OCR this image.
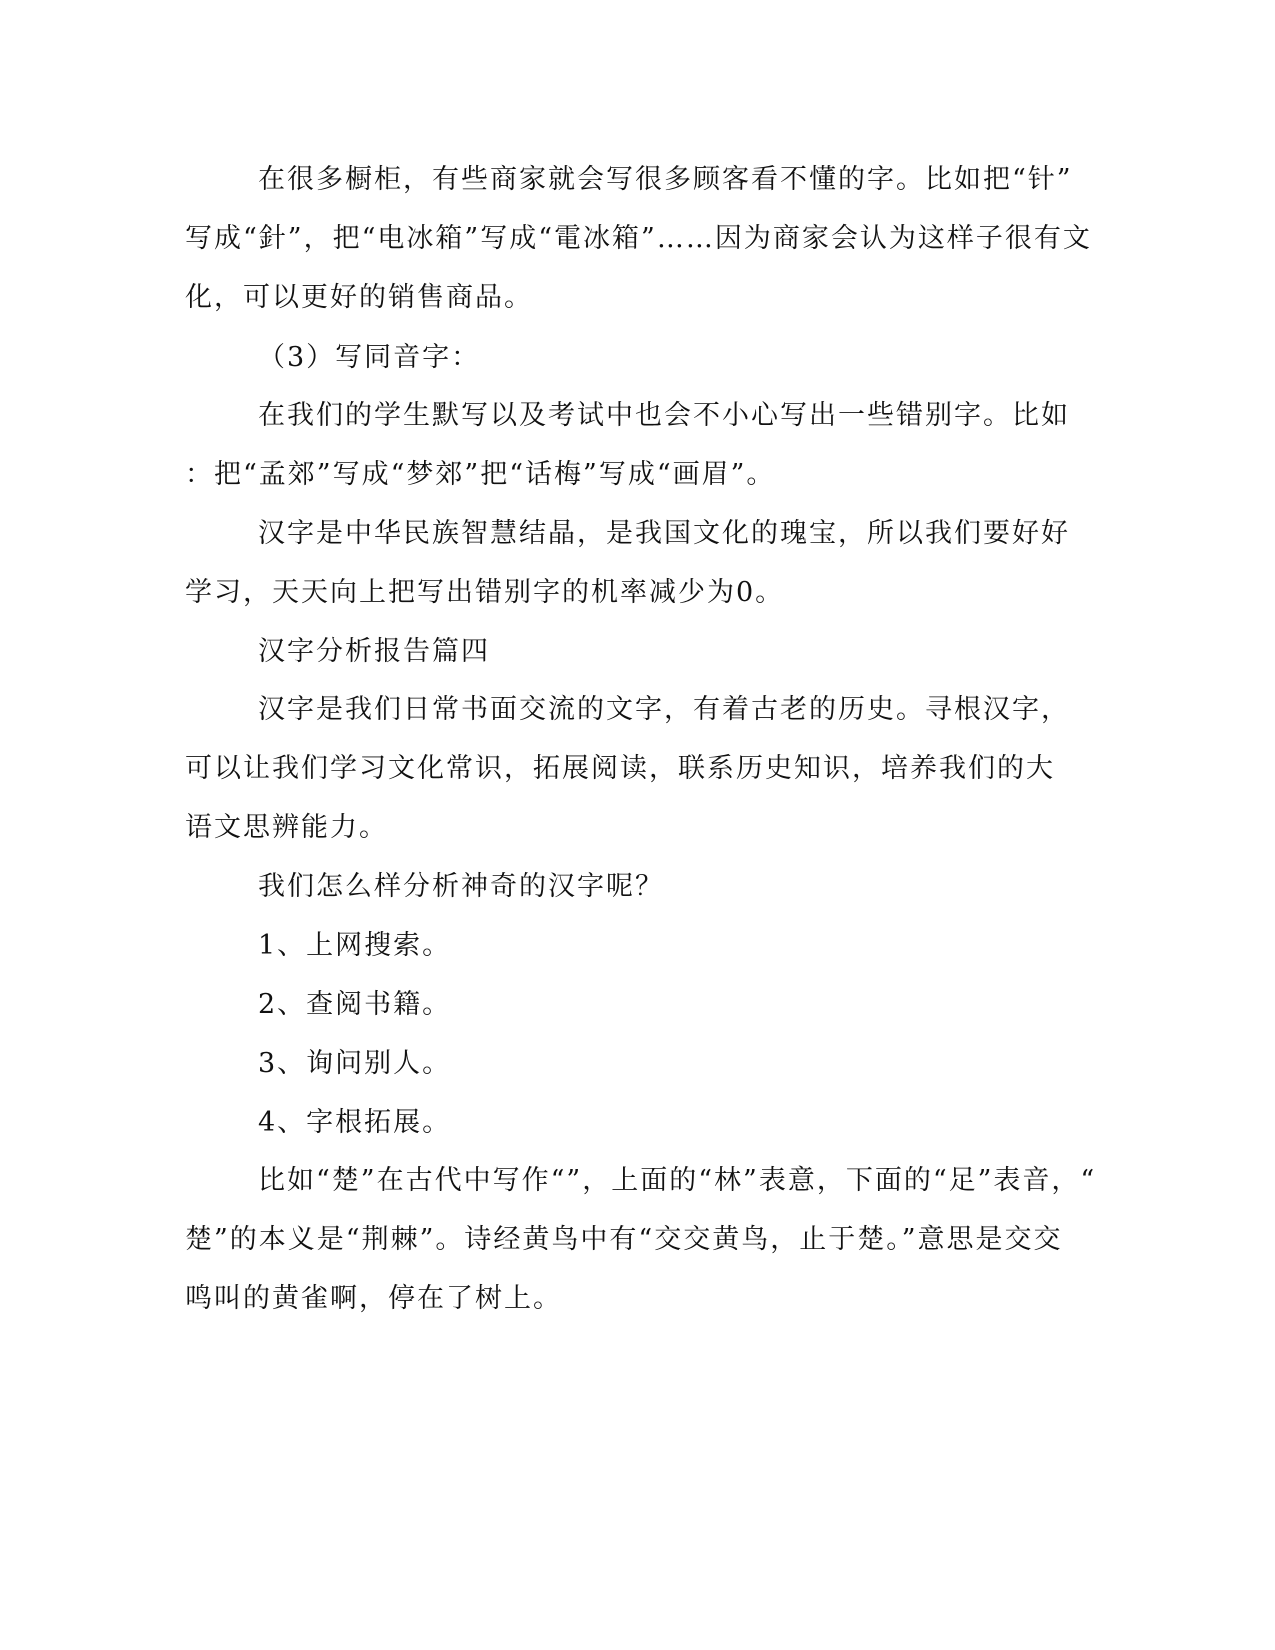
在很多橱柜，有些商家就会写很多顾客看不懂的字。比如把“针”
写成“針”，把“电冰箱”写成“電冰箱”……因为商家会认为这样子很有文
化，可以更好的销售商品。
（3）写同音字：
在我们的学生默写以及考试中也会不小心写出一些错别字。比如
：把“孟郊”写成“梦郊”把“话梅”写成“画眉”。
汉字是中华民族智慧结晶，是我国文化的瑰宝，所以我们要好好
学习，天天向上把写出错别字的机率减少为0。
汉字分析报告篇四
汉字是我们日常书面交流的文字，有着古老的历史。寻根汉字，
可以让我们学习文化常识，拓展阅读，联系历史知识，培养我们的大
语文思辨能力。
我们怎么样分析神奇的汉字呢？
1、上网搜索。
2、查阅书籍。
3、询问别人。
4、字根拓展。
比如“楚”在古代中写作“”，上面的“林”表意，下面的“足”表音，“
楚”的本义是“荆棘”。诗经黄鸟中有“交交黄鸟，止于楚。”意思是交交
鸣叫的黄雀啊，停在了树上。
